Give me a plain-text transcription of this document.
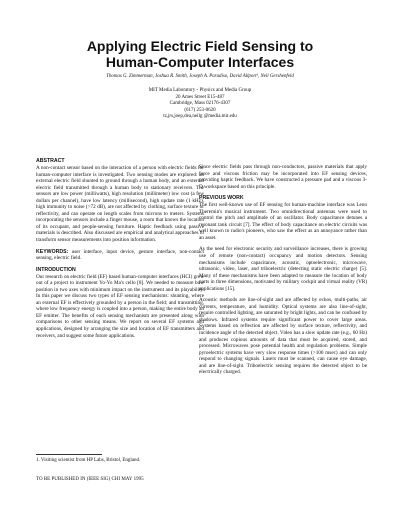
Applying Electric Field Sensing to
Human-Computer Interfaces
Thomas G. Zimmerman, Joshua R. Smith, Joseph A. Paradiso, David Allport¹, Neil Gershenfeld
MIT Media Laboratory - Physics and Media Group
20 Ames Street E15-487
Cambridge, Mass 02176-4307
(617) 253-0620
tz,jrs,joep,dea,neilg @media.mit.edu

ABSTRACT

A non-contact sensor based on the interaction of a person with electric fields for human-computer interface is investigated. Two sensing modes are explored: an external electric field shunted to ground through a human body, and an external electric field transmitted through a human body to stationary receivers. The sensors are low power (milliwatts), high resolution (millimeter) low cost (a few dollars per channel), have low latency (millisecond), high update rate (1 kHz), high immunity to noise (>72 dB), are not affected by clothing, surface texture or reflectivity, and can operate on length scales from microns to meters. Systems incorporating the sensors include a finger mouse, a room that knows the location of its occupant, and people-sensing furniture. Haptic feedback using passive materials is described. Also discussed are empirical and analytical approaches to transform sensor measurements into position information.

KEYWORDS: user interface, input device, gesture interface, non-contact sensing, electric field.

INTRODUCTION

Our research on electric field (EF) based human-computer interfaces (HCI) grew out of a project to instrument Yo-Yo Ma's cello [8]. We needed to measure bow position in two axes with minimum impact on the instrument and its playability. In this paper we discuss two types of EF sensing mechanisms: shunting, where an external EF is effectively grounded by a person in the field; and transmitting, where low frequency energy is coupled into a person, making the entire body an EF emitter. The benefits of each sensing mechanism are presented along with comparisons to other sensing means. We report on several EF systems and applications, designed by arranging the size and location of EF transmitters and receivers, and suggest some future applications.

1. Visiting scientist from HP Labs, Bristol, England.
TO BE PUBLISHED IN (IEEE SIG) CHI MAY 1995

Since electric fields pass through non-conductors, passive materials that apply force and viscous friction may be incorporated into EF sensing devices, providing haptic feedback. We have constructed a pressure pad and a viscous 3-D workspace based on this principle.

PREVIOUS WORK

The first well-known use of EF sensing for human-machine interface was Leon Theremin's musical instrument. Two omnidirectional antennas were used to control the pitch and amplitude of an oscillator. Body capacitance detunes a resonant tank circuit [7]. The effect of body capacitance on electric circuits was well known to radio's pioneers, who saw the effect as an annoyance rather than an asset.

As the need for electronic security and surveillance increases, there is growing use of remote (non-contact) occupancy and motion detectors. Sensing mechanisms include capacitance, acoustic, optoelectronic, microwave, ultrasonic, video, laser, and triboelectric (detecting static electric charge) [5]. Many of these mechanisms have been adapted to measure the location of body parts in three dimensions, motivated by military cockpit and virtual reality (VR) applications [15].

Acoustic methods are line-of-sight and are affected by echos, multi-paths, air currents, temperature, and humidity. Optical systems are also line-of-sight, require controlled lighting, are saturated by bright lights, and can be confused by shadows. Infrared systems require significant power to cover large areas. Systems based on reflection are affected by surface texture, reflectivity, and incidence angle of the detected object. Video has a slow update rate (e.g., 60 Hz) and produces copious amounts of data that must be acquired, stored, and processed. Microwaves pose potential health and regulation problems. Simple pyroelectric systems have very slow response times (>100 msec) and can only respond to changing signals. Lasers must be scanned, can cause eye damage, and are line-of-sight. Triboelectric sensing requires the detected object to be electrically charged.
